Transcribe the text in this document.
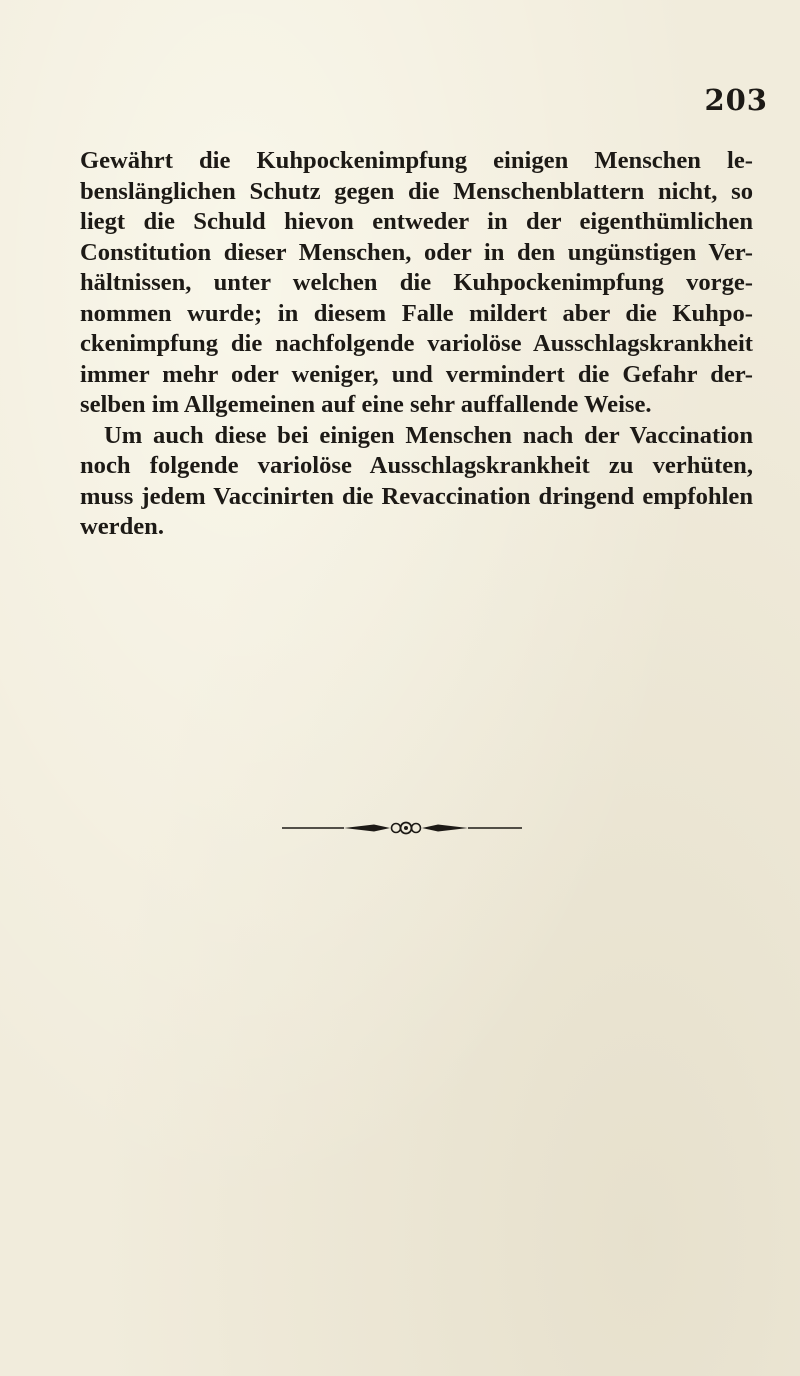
203
Gewährt die Kuhpockenimpfung einigen Menschen le-
benslänglichen Schutz gegen die Menschenblattern nicht, so
liegt die Schuld hievon entweder in der eigenthümlichen
Constitution dieser Menschen, oder in den ungünstigen Ver-
hältnissen, unter welchen die Kuhpockenimpfung vorge-
nommen wurde; in diesem Falle mildert aber die Kuhpo-
ckenimpfung die nachfolgende variolöse Ausschlagskrankheit
immer mehr oder weniger, und vermindert die Gefahr der-
selben im Allgemeinen auf eine sehr auffallende Weise.
Um auch diese bei einigen Menschen nach der Vaccination
noch folgende variolöse Ausschlagskrankheit zu verhüten,
muss jedem Vaccinirten die Revaccination dringend empfohlen
werden.
